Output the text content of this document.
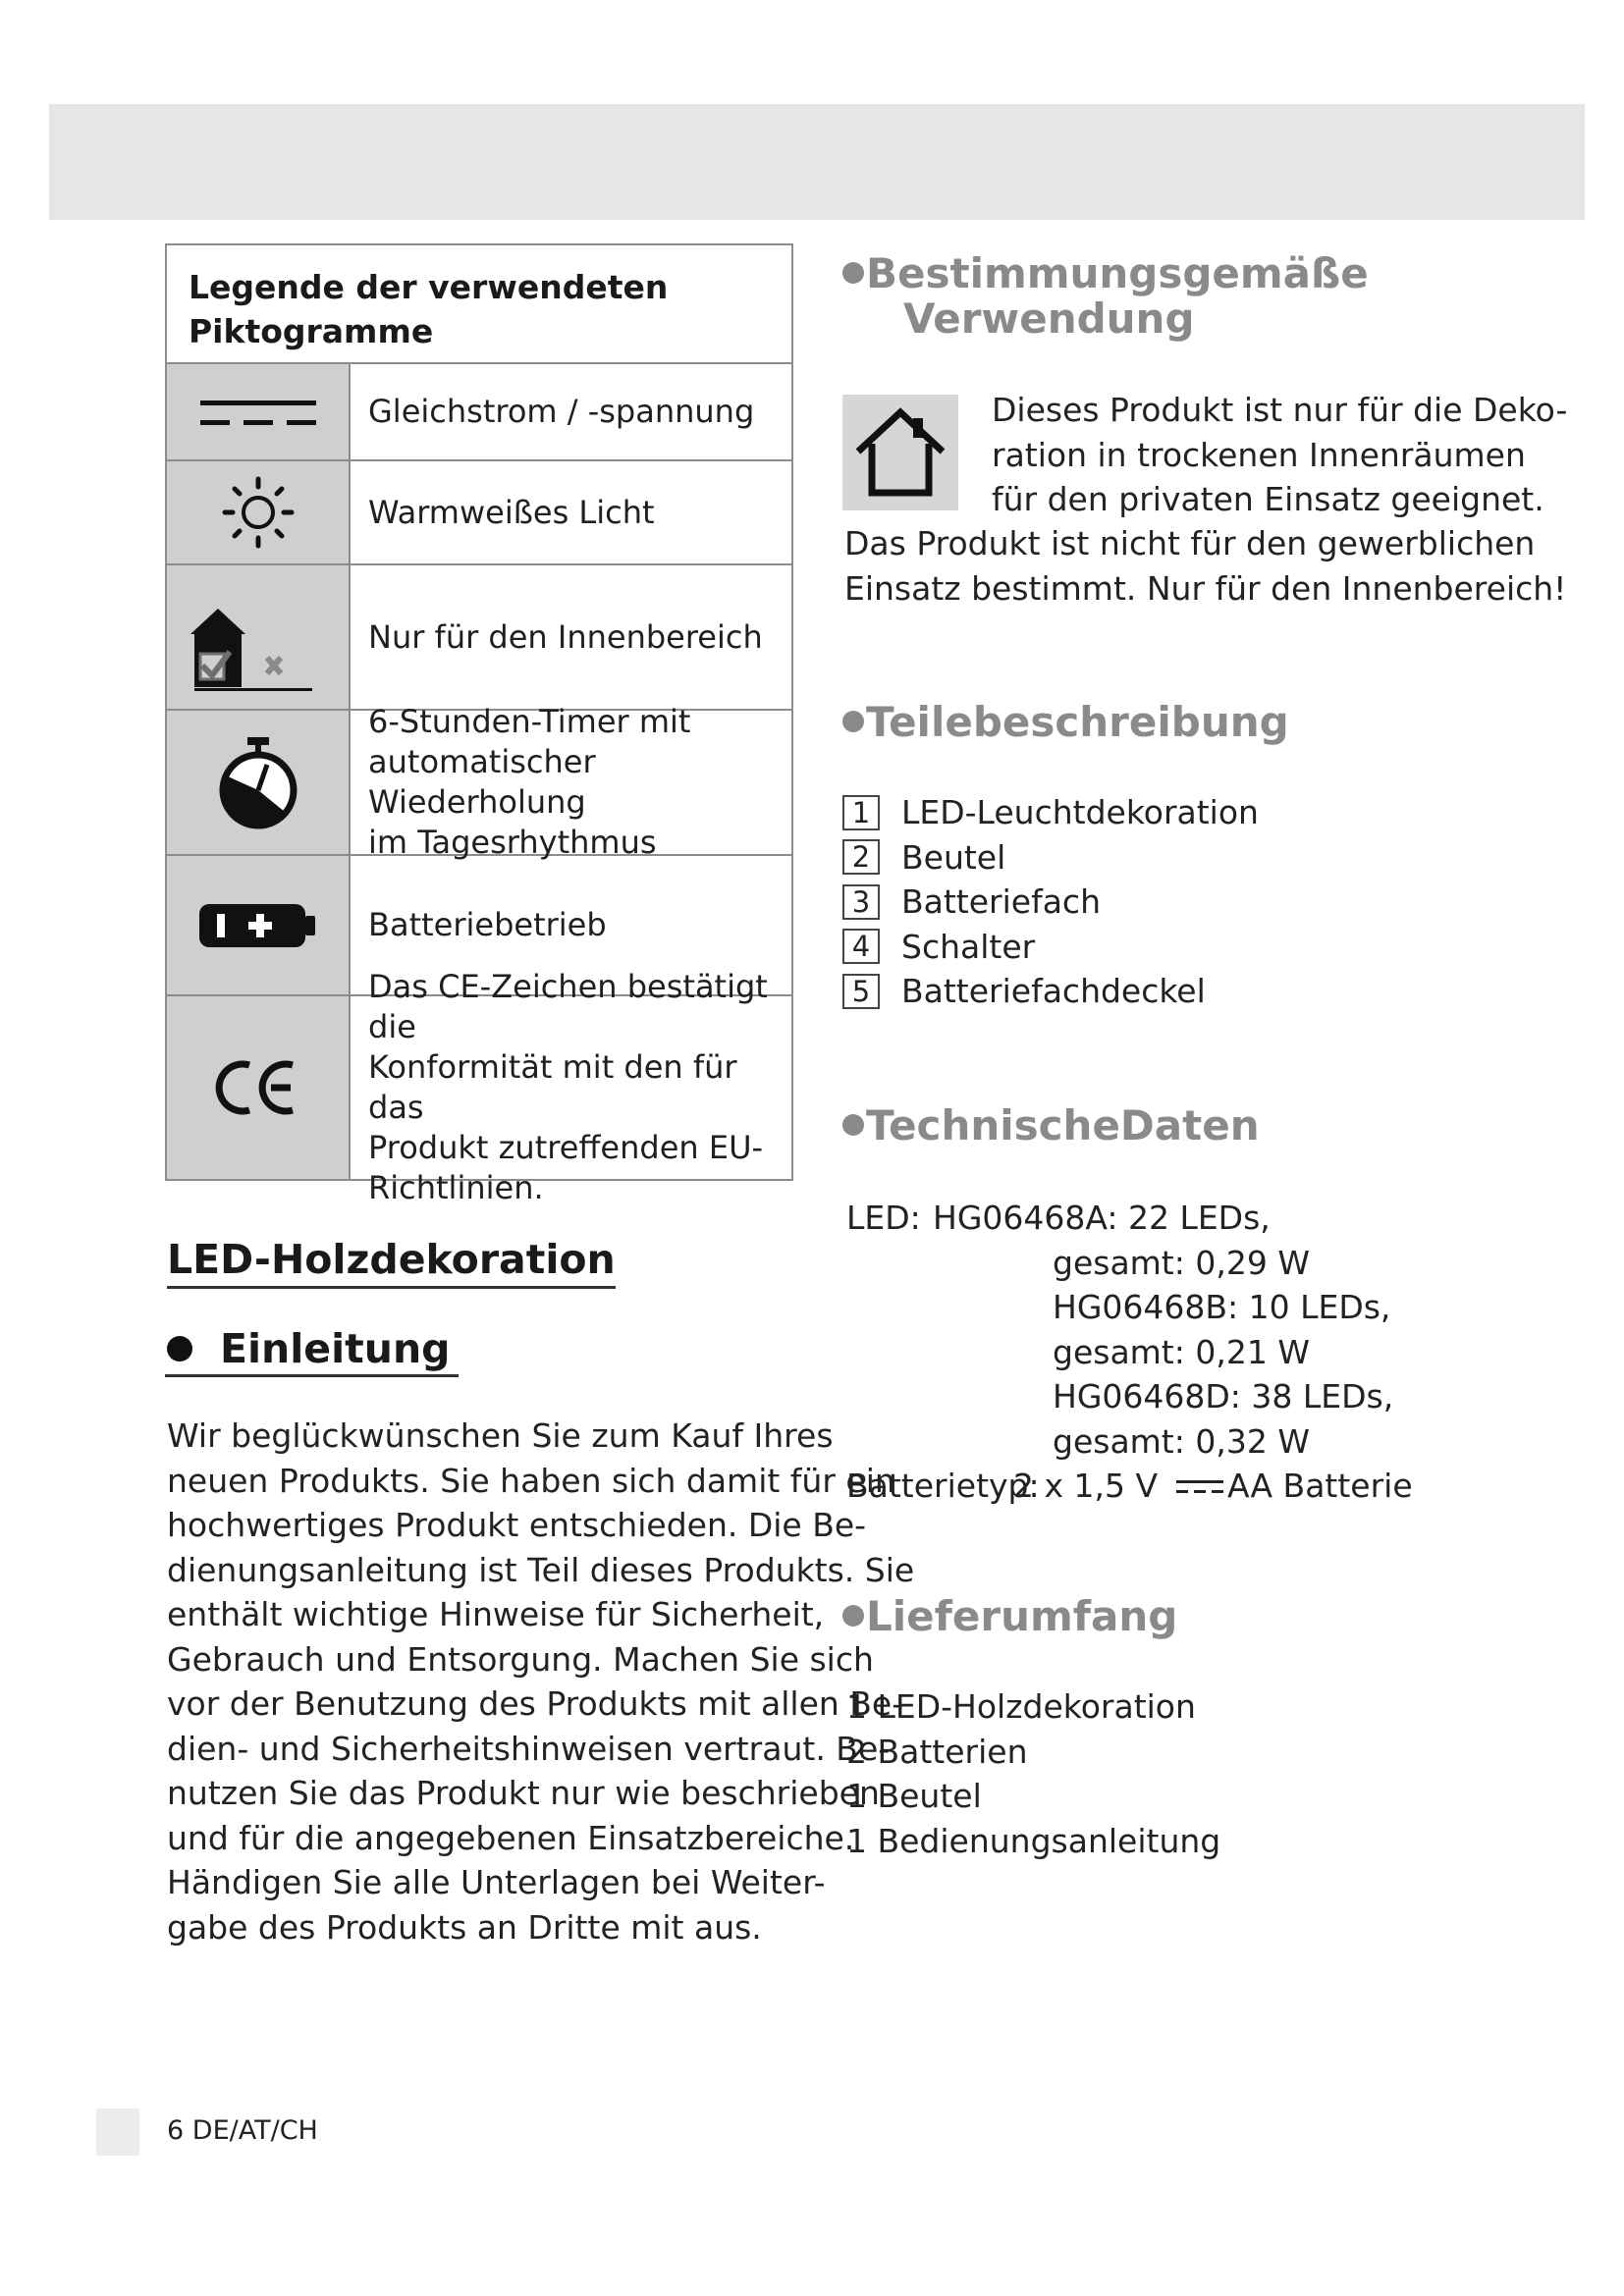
Legende der verwendeten
Piktogramme
Gleichstrom / -spannung
Warmweißes Licht
Nur für den Innenbereich
6-Stunden-Timer mit
automatischer Wiederholung
im Tagesrhythmus
Batteriebetrieb
Das CE-Zeichen bestätigt die
Konformität mit den für das
Produkt zutreffenden EU-
Richtlinien.
LED-Holzdekoration
Einleitung
Wir beglückwünschen Sie zum Kauf Ihres
neuen Produkts. Sie haben sich damit für ein
hochwertiges Produkt entschieden. Die Be-
dienungsanleitung ist Teil dieses Produkts. Sie
enthält wichtige Hinweise für Sicherheit,
Gebrauch und Entsorgung. Machen Sie sich
vor der Benutzung des Produkts mit allen Be-
dien- und Sicherheitshinweisen vertraut. Be-
nutzen Sie das Produkt nur wie beschrieben
und für die angegebenen Einsatzbereiche.
Händigen Sie alle Unterlagen bei Weiter-
gabe des Produkts an Dritte mit aus.
Bestimmungsgemäße
Verwendung
Dieses Produkt ist nur für die Deko-
ration in trockenen Innenräumen
für den privaten Einsatz geeignet.
Das Produkt ist nicht für den gewerblichen
Einsatz bestimmt. Nur für den Innenbereich!
Teilebeschreibung
1 LED-Leuchtdekoration
2 Beutel
3 Batteriefach
4 Schalter
5 Batteriefachdeckel
TechnischeDaten
LED: HG06468A: 22 LEDs,
gesamt: 0,29 W
HG06468B: 10 LEDs,
gesamt: 0,21 W
HG06468D: 38 LEDs,
gesamt: 0,32 W
Batterietyp:
2 x 1,5 V AA Batterie
Lieferumfang
1 LED-Holzdekoration
2 Batterien
1 Beutel
1 Bedienungsanleitung
6 DE/AT/CH
